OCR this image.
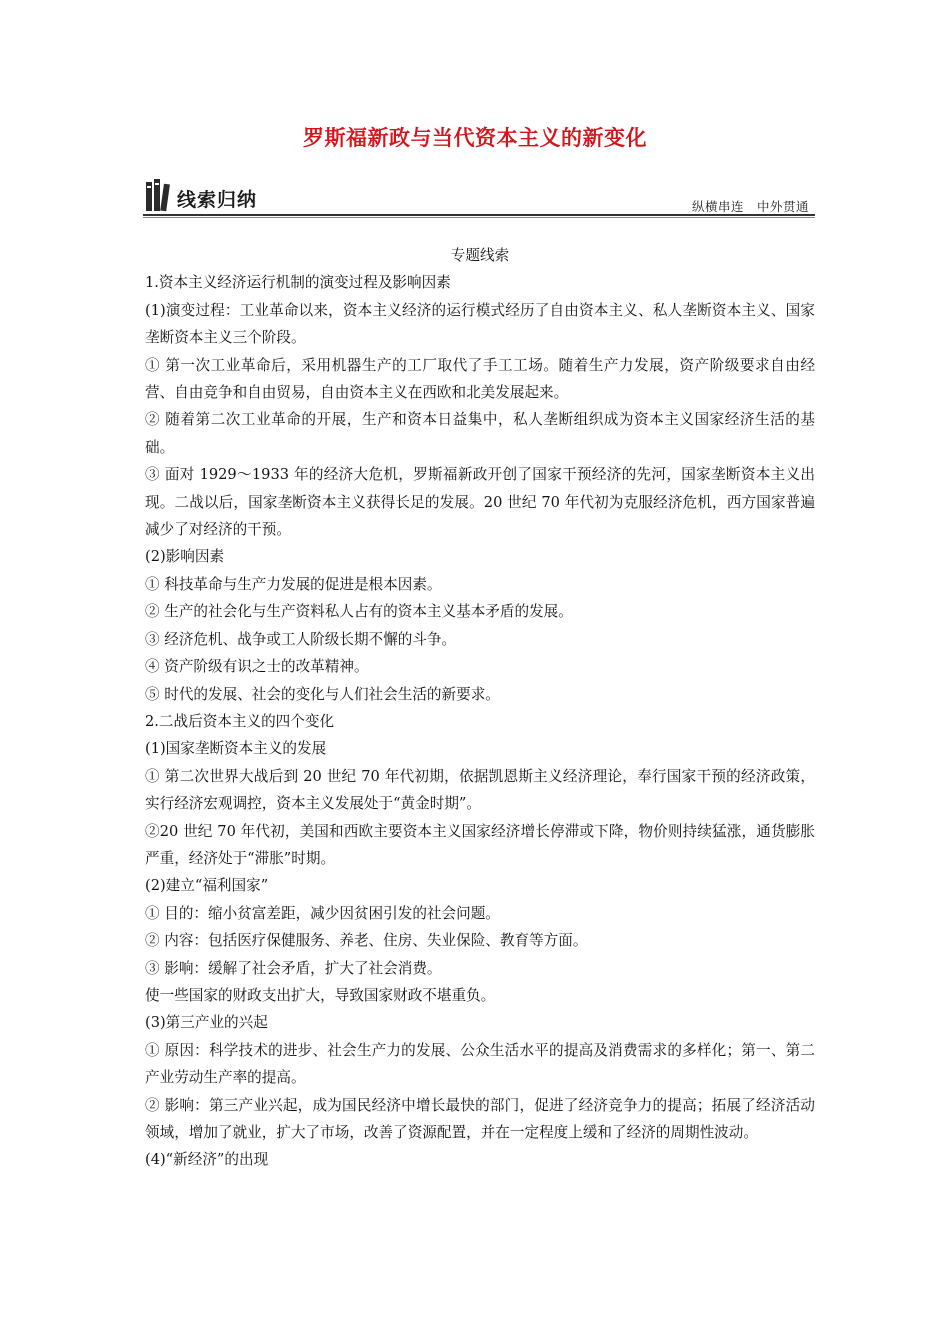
罗斯福新政与当代资本主义的新变化
线索归纳	纵横串连　中外贯通

专题线索

1.资本主义经济运行机制的演变过程及影响因素

(1)演变过程：工业革命以来，资本主义经济的运行模式经历了自由资本主义、私人垄断资本主义、国家垄断资本主义三个阶段。

① 第一次工业革命后，采用机器生产的工厂取代了手工工场。随着生产力发展，资产阶级要求自由经营、自由竞争和自由贸易，自由资本主义在西欧和北美发展起来。

② 随着第二次工业革命的开展，生产和资本日益集中，私人垄断组织成为资本主义国家经济生活的基础。

③ 面对 1929～1933 年的经济大危机，罗斯福新政开创了国家干预经济的先河，国家垄断资本主义出现。二战以后，国家垄断资本主义获得长足的发展。20 世纪 70 年代初为克服经济危机，西方国家普遍减少了对经济的干预。

(2)影响因素

① 科技革命与生产力发展的促进是根本因素。

② 生产的社会化与生产资料私人占有的资本主义基本矛盾的发展。

③ 经济危机、战争或工人阶级长期不懈的斗争。

④ 资产阶级有识之士的改革精神。

⑤ 时代的发展、社会的变化与人们社会生活的新要求。

2.二战后资本主义的四个变化

(1)国家垄断资本主义的发展

① 第二次世界大战后到 20 世纪 70 年代初期，依据凯恩斯主义经济理论，奉行国家干预的经济政策，实行经济宏观调控，资本主义发展处于“黄金时期”。

②20 世纪 70 年代初，美国和西欧主要资本主义国家经济增长停滞或下降，物价则持续猛涨，通货膨胀严重，经济处于“滞胀”时期。

(2)建立“福利国家”

① 目的：缩小贫富差距，减少因贫困引发的社会问题。

② 内容：包括医疗保健服务、养老、住房、失业保险、教育等方面。

③ 影响：缓解了社会矛盾，扩大了社会消费。

使一些国家的财政支出扩大，导致国家财政不堪重负。

(3)第三产业的兴起

① 原因：科学技术的进步、社会生产力的发展、公众生活水平的提高及消费需求的多样化；第一、第二产业劳动生产率的提高。

② 影响：第三产业兴起，成为国民经济中增长最快的部门，促进了经济竞争力的提高；拓展了经济活动领域，增加了就业，扩大了市场，改善了资源配置，并在一定程度上缓和了经济的周期性波动。

(4)“新经济”的出现
